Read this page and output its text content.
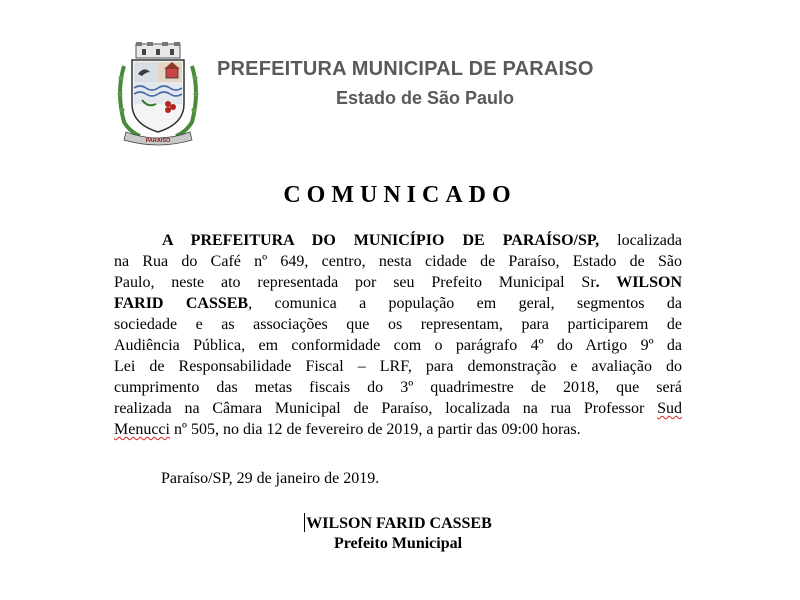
PARAISO
PREFEITURA MUNICIPAL DE PARAISO
Estado de São Paulo
COMUNICADO
A PREFEITURA DO MUNICÍPIO DE PARAÍSO/SP, localizada
na Rua do Café nº 649, centro, nesta cidade de Paraíso, Estado de São
Paulo, neste ato representada por seu Prefeito Municipal Sr. WILSON
FARID CASSEB, comunica a população em geral, segmentos da
sociedade e as associações que os representam, para participarem de
Audiência Pública, em conformidade com o parágrafo 4º do Artigo 9º da
Lei de Responsabilidade Fiscal – LRF, para demonstração e avaliação do
cumprimento das metas fiscais do 3º quadrimestre de 2018, que será
realizada na Câmara Municipal de Paraíso, localizada na rua Professor Sud
Menucci nº 505, no dia 12 de fevereiro de 2019, a partir das 09:00 horas.
Paraíso/SP, 29 de janeiro de 2019.
WILSON FARID CASSEB
Prefeito Municipal
